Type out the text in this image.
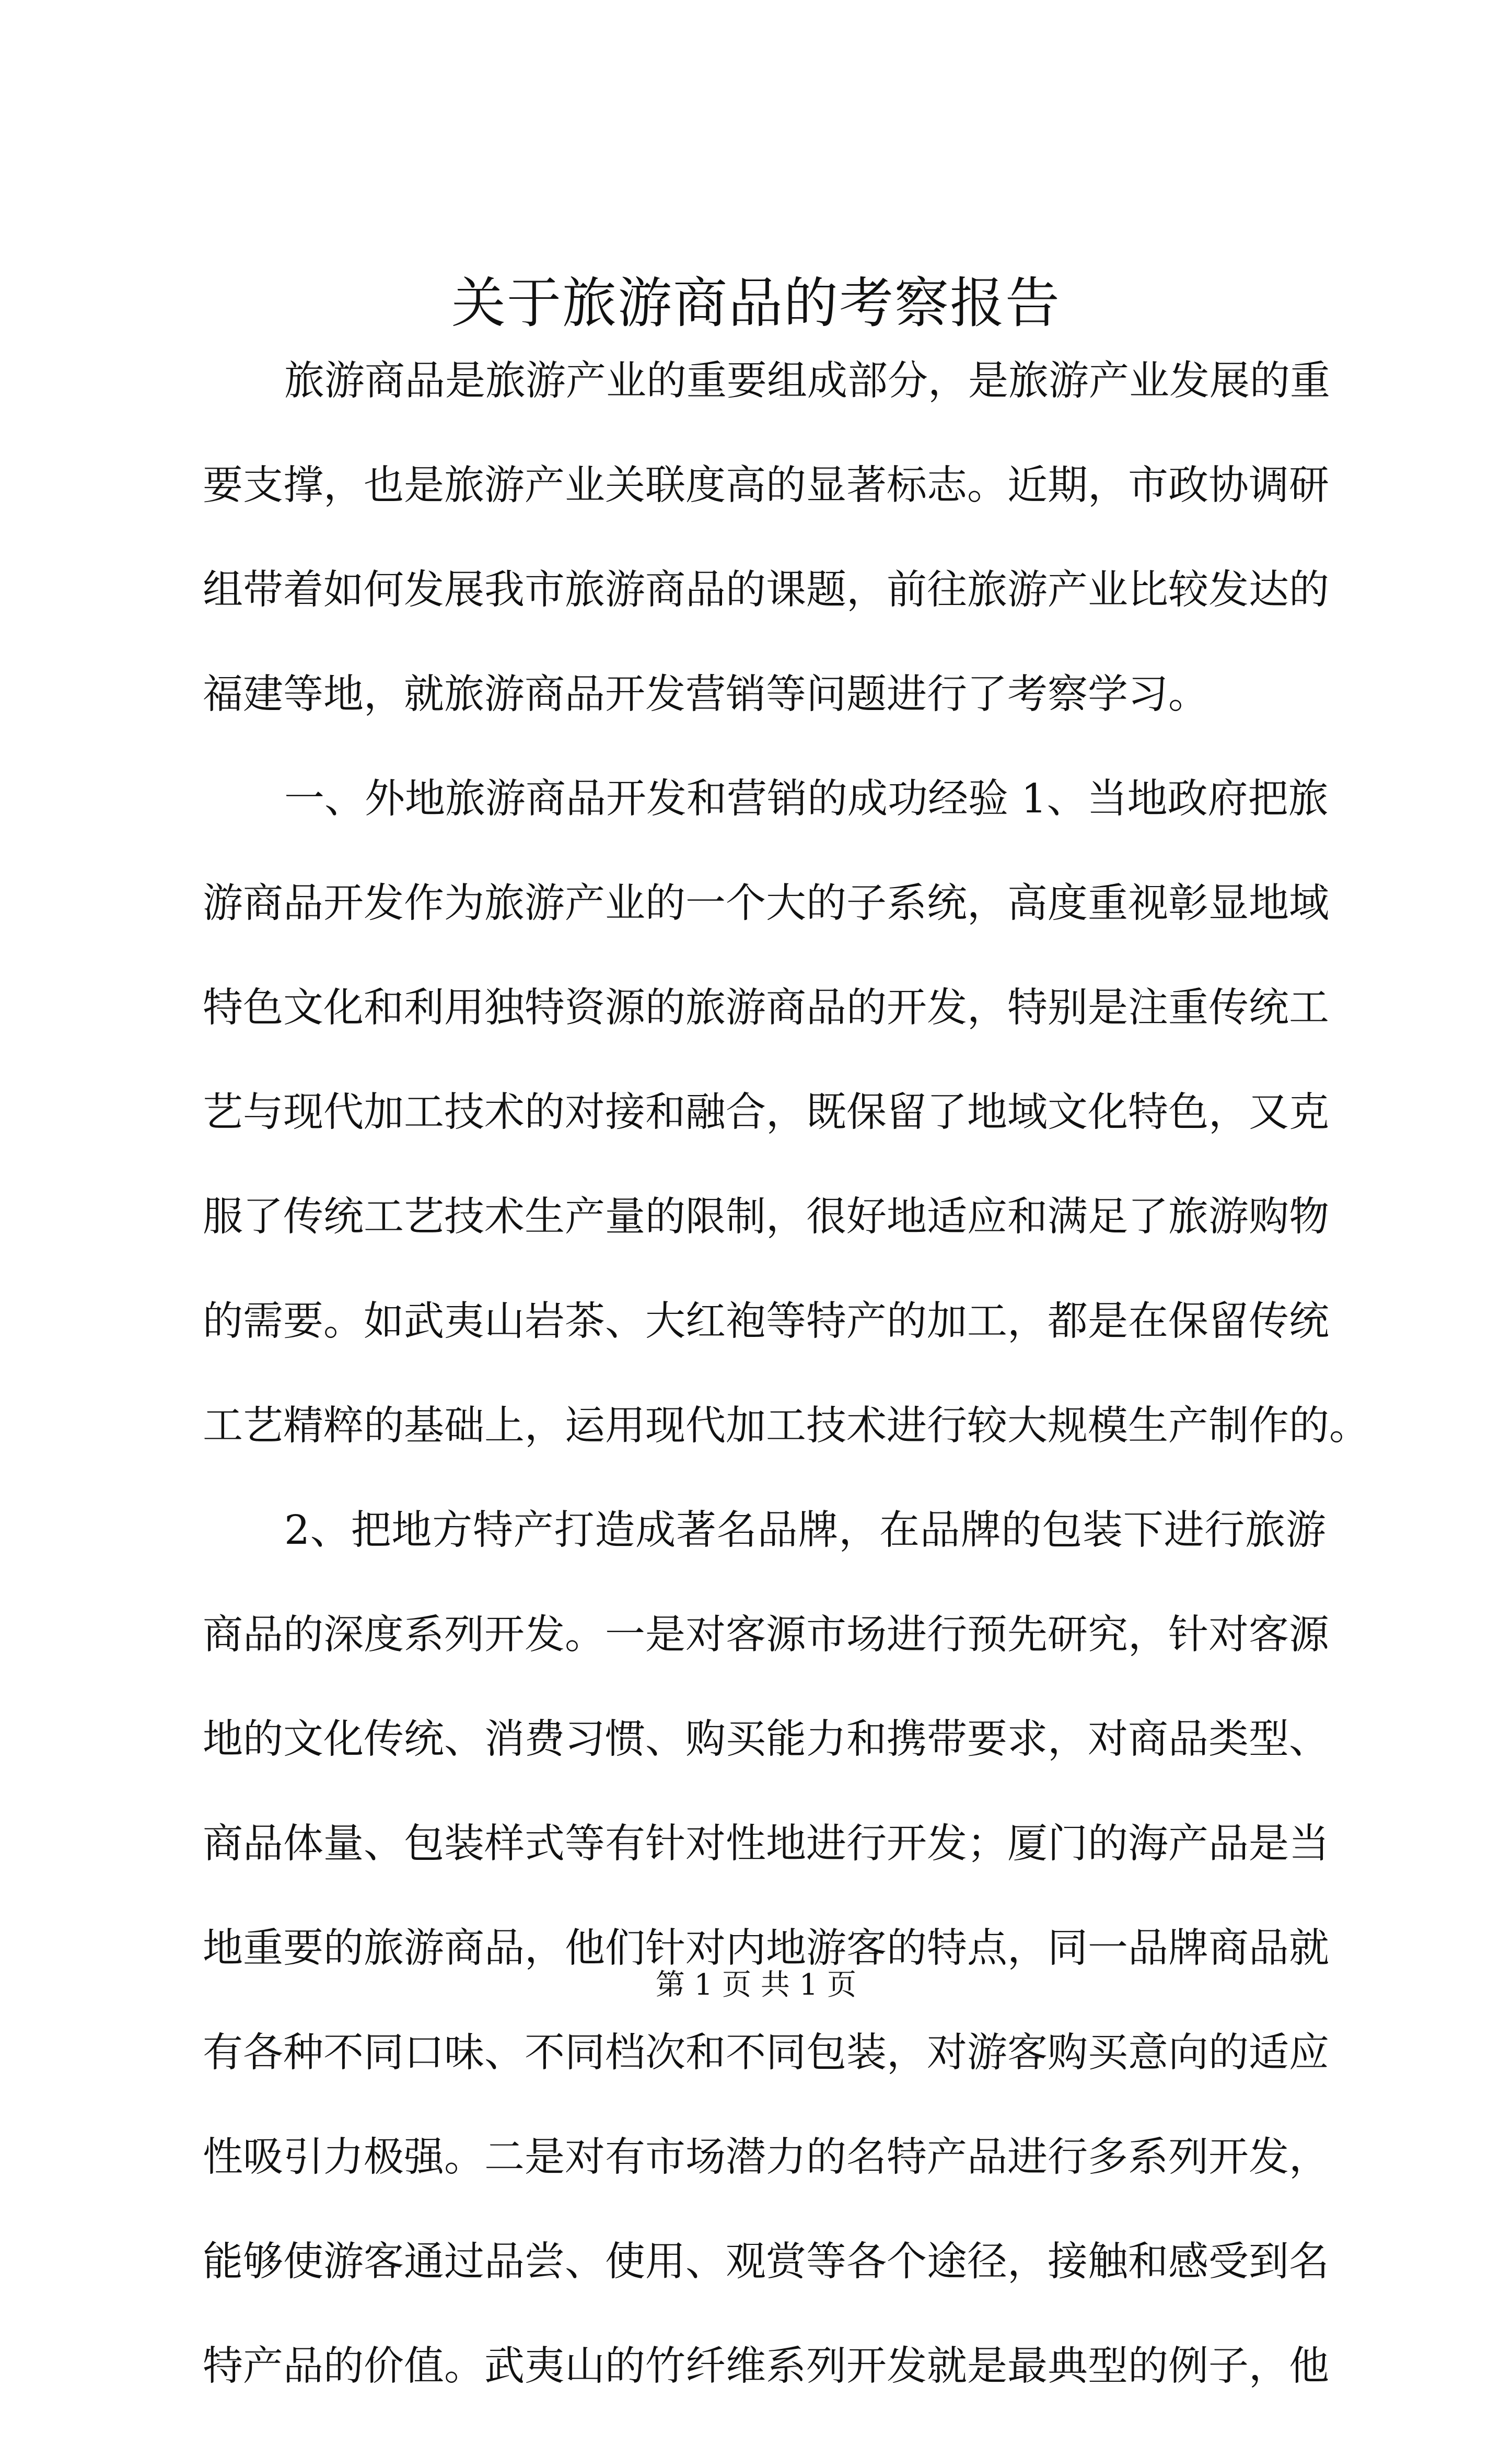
关于旅游商品的考察报告
旅游商品是旅游产业的重要组成部分，是旅游产业发展的重
要支撑，也是旅游产业关联度高的显著标志。近期，市政协调研
组带着如何发展我市旅游商品的课题，前往旅游产业比较发达的
福建等地，就旅游商品开发营销等问题进行了考察学习。
一、外地旅游商品开发和营销的成功经验 1、当地政府把旅
游商品开发作为旅游产业的一个大的子系统，高度重视彰显地域
特色文化和利用独特资源的旅游商品的开发，特别是注重传统工
艺与现代加工技术的对接和融合，既保留了地域文化特色，又克
服了传统工艺技术生产量的限制，很好地适应和满足了旅游购物
的需要。如武夷山岩茶、大红袍等特产的加工，都是在保留传统
工艺精粹的基础上，运用现代加工技术进行较大规模生产制作的。
2、把地方特产打造成著名品牌，在品牌的包装下进行旅游
商品的深度系列开发。一是对客源市场进行预先研究，针对客源
地的文化传统、消费习惯、购买能力和携带要求，对商品类型、
商品体量、包装样式等有针对性地进行开发；厦门的海产品是当
地重要的旅游商品，他们针对内地游客的特点，同一品牌商品就
有各种不同口味、不同档次和不同包装，对游客购买意向的适应
性吸引力极强。二是对有市场潜力的名特产品进行多系列开发，
能够使游客通过品尝、使用、观赏等各个途径，接触和感受到名
特产品的价值。武夷山的竹纤维系列开发就是最典型的例子，他
第 1 页 共 1 页
